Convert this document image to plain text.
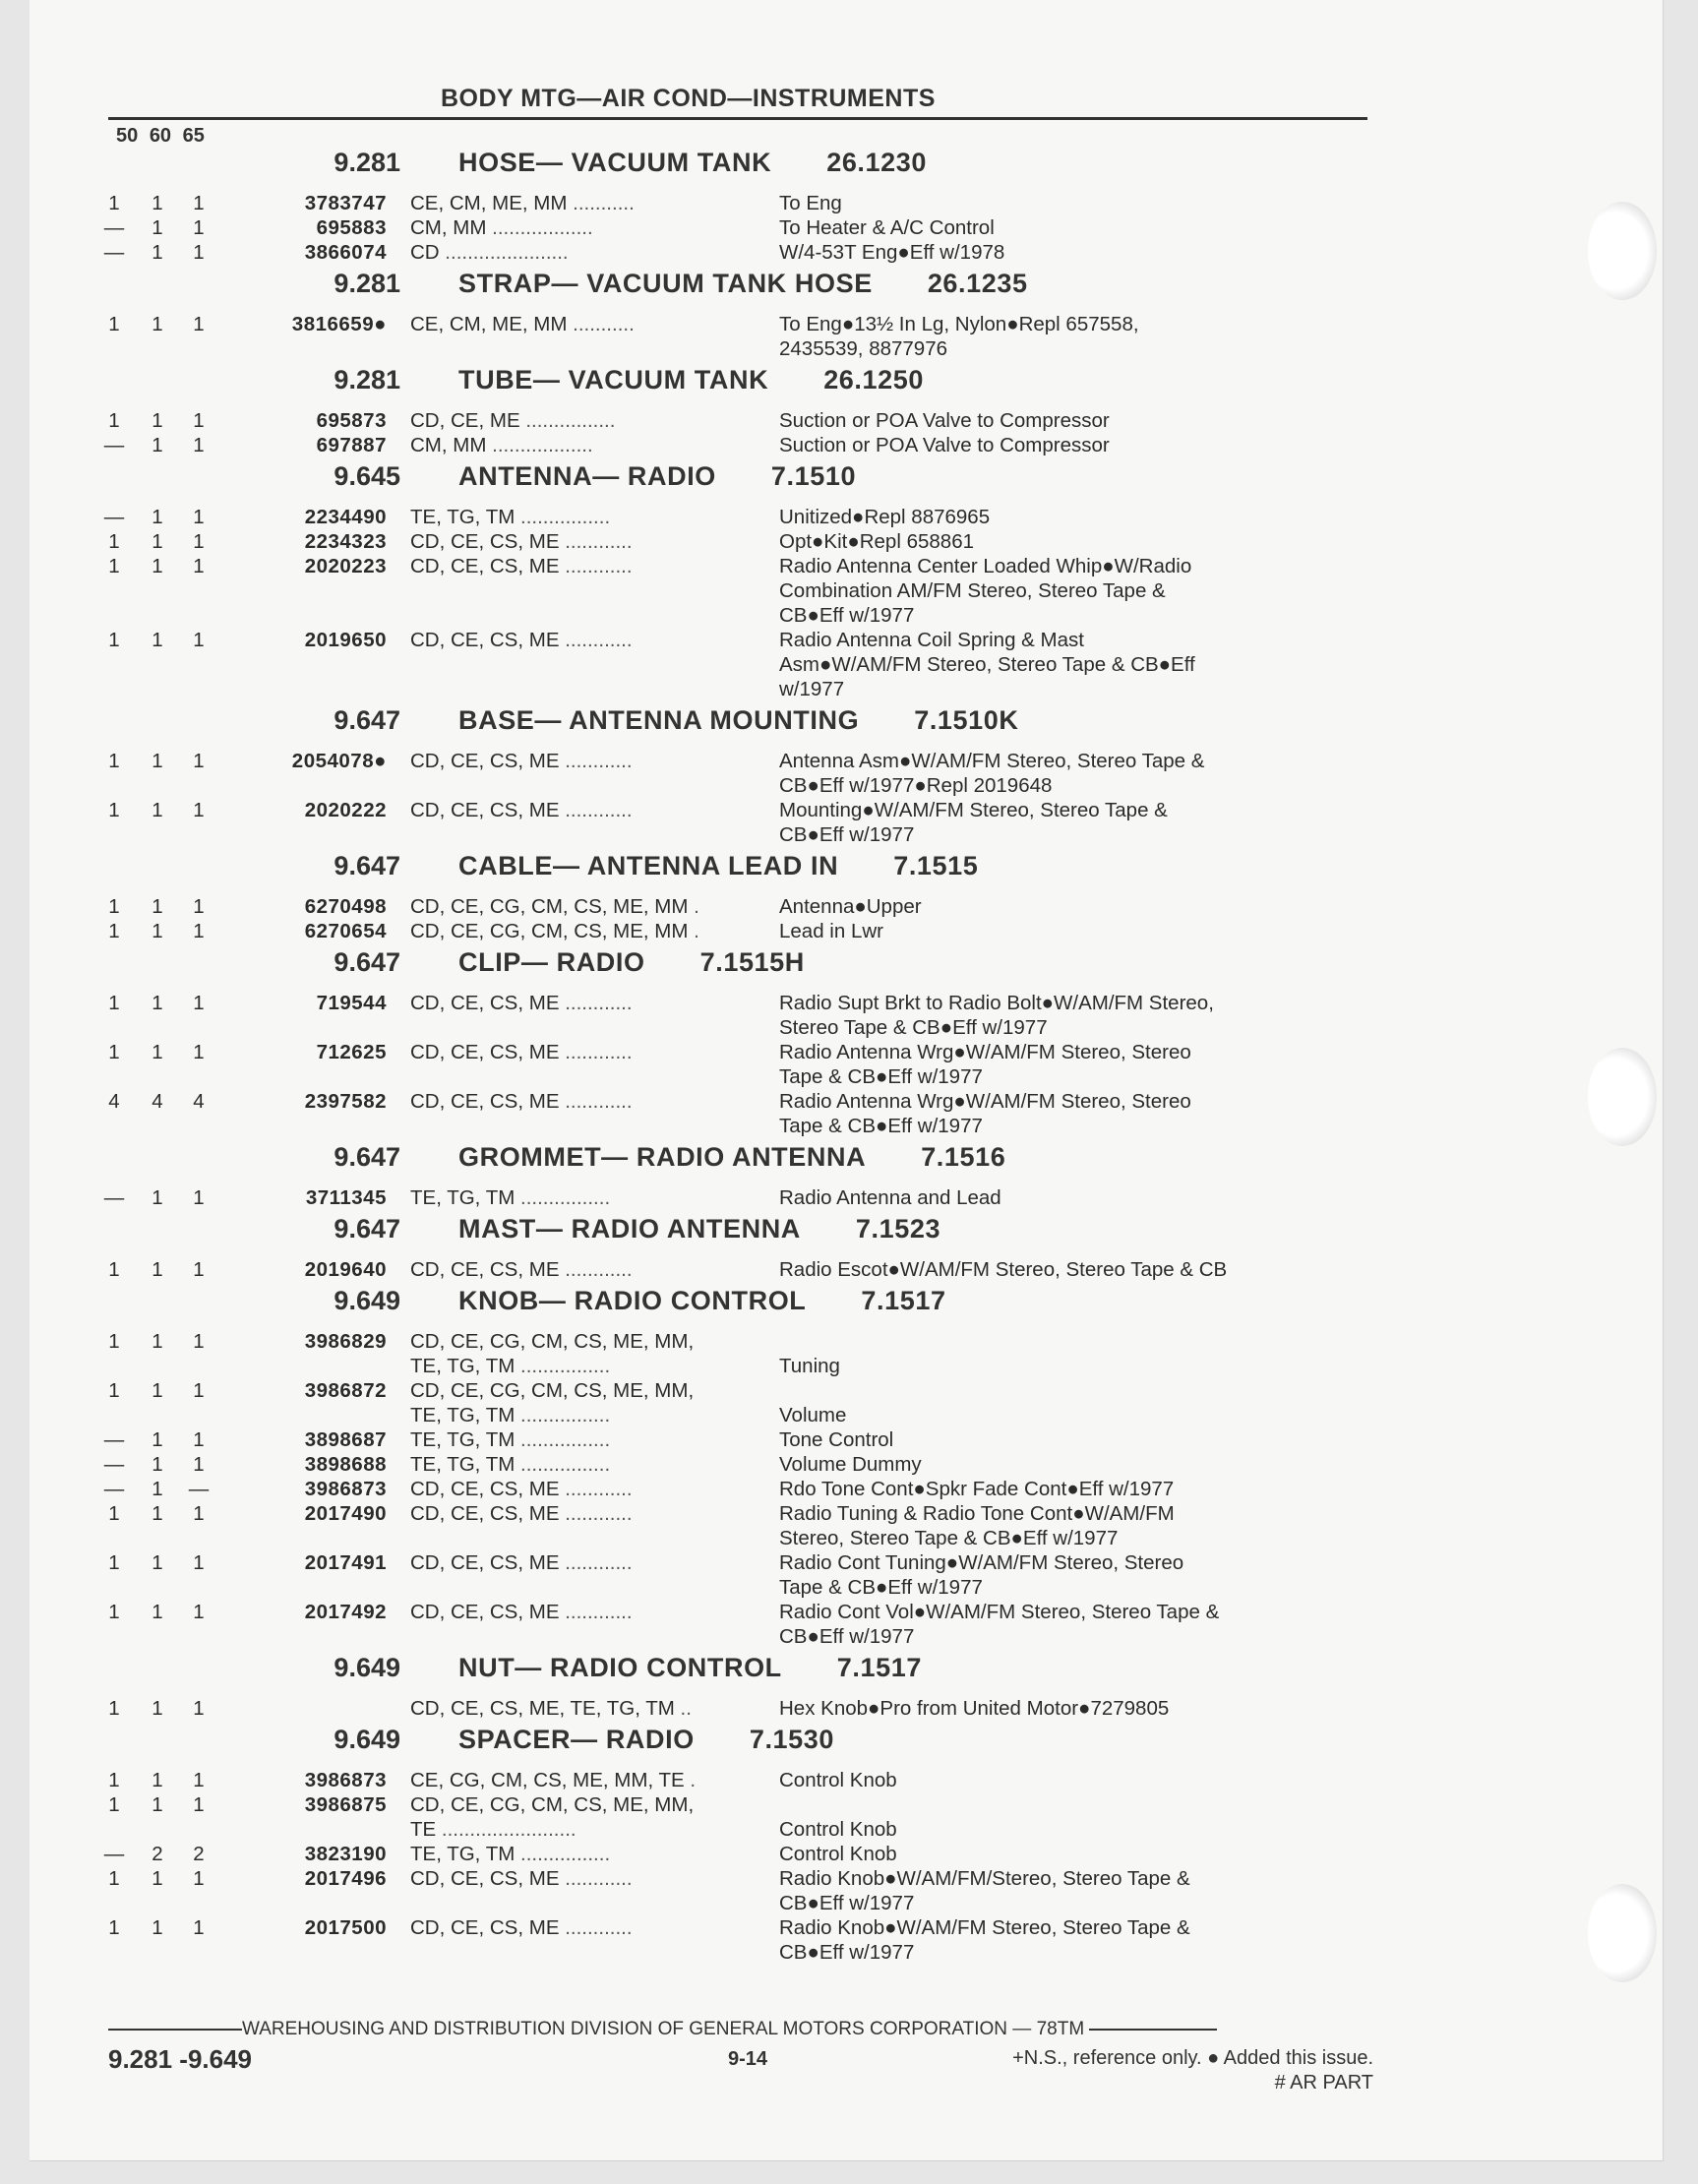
BODY MTG—AIR COND—INSTRUMENTS
50 60 65
9.281 HOSE— VACUUM TANK 26.1230
1 1 1	3783747 CE, CM, ME, MM ...........	To Eng
— 1 1	695883 CM, MM ..................	To Heater & A/C Control
— 1 1	3866074 CD ......................	W/4-53T Eng●Eff w/1978
9.281 STRAP— VACUUM TANK HOSE 26.1235
1 1 1	3816659● CE, CM, ME, MM ...........	To Eng●13½ In Lg, Nylon●Repl 657558,
2435539, 8877976
9.281 TUBE— VACUUM TANK 26.1250
1 1 1	695873 CD, CE, ME ................	Suction or POA Valve to Compressor
— 1 1	697887 CM, MM ..................	Suction or POA Valve to Compressor
9.645 ANTENNA— RADIO 7.1510
— 1 1	2234490 TE, TG, TM ................	Unitized●Repl 8876965
1 1 1	2234323 CD, CE, CS, ME ............	Opt●Kit●Repl 658861
1 1 1	2020223 CD, CE, CS, ME ............	Radio Antenna Center Loaded Whip●W/Radio
Combination AM/FM Stereo, Stereo Tape &
CB●Eff w/1977
1 1 1	2019650 CD, CE, CS, ME ............	Radio Antenna Coil Spring & Mast
Asm●W/AM/FM Stereo, Stereo Tape & CB●Eff
w/1977
9.647 BASE— ANTENNA MOUNTING 7.1510K
1 1 1	2054078● CD, CE, CS, ME ............	Antenna Asm●W/AM/FM Stereo, Stereo Tape &
CB●Eff w/1977●Repl 2019648
1 1 1	2020222 CD, CE, CS, ME ............	Mounting●W/AM/FM Stereo, Stereo Tape &
CB●Eff w/1977
9.647 CABLE— ANTENNA LEAD IN 7.1515
1 1 1	6270498 CD, CE, CG, CM, CS, ME, MM .	Antenna●Upper
1 1 1	6270654 CD, CE, CG, CM, CS, ME, MM .	Lead in Lwr
9.647 CLIP— RADIO 7.1515H
1 1 1	719544 CD, CE, CS, ME ............	Radio Supt Brkt to Radio Bolt●W/AM/FM Stereo,
Stereo Tape & CB●Eff w/1977
1 1 1	712625 CD, CE, CS, ME ............	Radio Antenna Wrg●W/AM/FM Stereo, Stereo
Tape & CB●Eff w/1977
4 4 4	2397582 CD, CE, CS, ME ............	Radio Antenna Wrg●W/AM/FM Stereo, Stereo
Tape & CB●Eff w/1977
9.647 GROMMET— RADIO ANTENNA 7.1516
— 1 1	3711345 TE, TG, TM ................	Radio Antenna and Lead
9.647 MAST— RADIO ANTENNA 7.1523
1 1 1	2019640 CD, CE, CS, ME ............	Radio Escot●W/AM/FM Stereo, Stereo Tape & CB
9.649 KNOB— RADIO CONTROL 7.1517
1 1 1	3986829 CD, CE, CG, CM, CS, ME, MM,
TE, TG, TM ................
	Tuning
1 1 1	3986872 CD, CE, CG, CM, CS, ME, MM,
TE, TG, TM ................
	Volume
— 1 1	3898687 TE, TG, TM ................	Tone Control
— 1 1	3898688 TE, TG, TM ................	Volume Dummy
— 1 —	3986873 CD, CE, CS, ME ............	Rdo Tone Cont●Spkr Fade Cont●Eff w/1977
1 1 1	2017490 CD, CE, CS, ME ............	Radio Tuning & Radio Tone Cont●W/AM/FM
Stereo, Stereo Tape & CB●Eff w/1977
1 1 1	2017491 CD, CE, CS, ME ............	Radio Cont Tuning●W/AM/FM Stereo, Stereo
Tape & CB●Eff w/1977
1 1 1	2017492 CD, CE, CS, ME ............	Radio Cont Vol●W/AM/FM Stereo, Stereo Tape &
CB●Eff w/1977
9.649 NUT— RADIO CONTROL 7.1517
1 1 1
	CD, CE, CS, ME, TE, TG, TM ..	Hex Knob●Pro from United Motor●7279805
9.649 SPACER— RADIO 7.1530
1 1 1	3986873 CE, CG, CM, CS, ME, MM, TE .	Control Knob
1 1 1	3986875 CD, CE, CG, CM, CS, ME, MM,
TE ........................
	Control Knob
— 2 2	3823190 TE, TG, TM ................	Control Knob
1 1 1	2017496 CD, CE, CS, ME ............	Radio Knob●W/AM/FM/Stereo, Stereo Tape &
CB●Eff w/1977
1 1 1	2017500 CD, CE, CS, ME ............	Radio Knob●W/AM/FM Stereo, Stereo Tape &
CB●Eff w/1977
WAREHOUSING AND DISTRIBUTION DIVISION OF GENERAL MOTORS CORPORATION — 78TM
9.281 -9.649	9-14	+N.S., reference only. ● Added this issue.
# AR PART
